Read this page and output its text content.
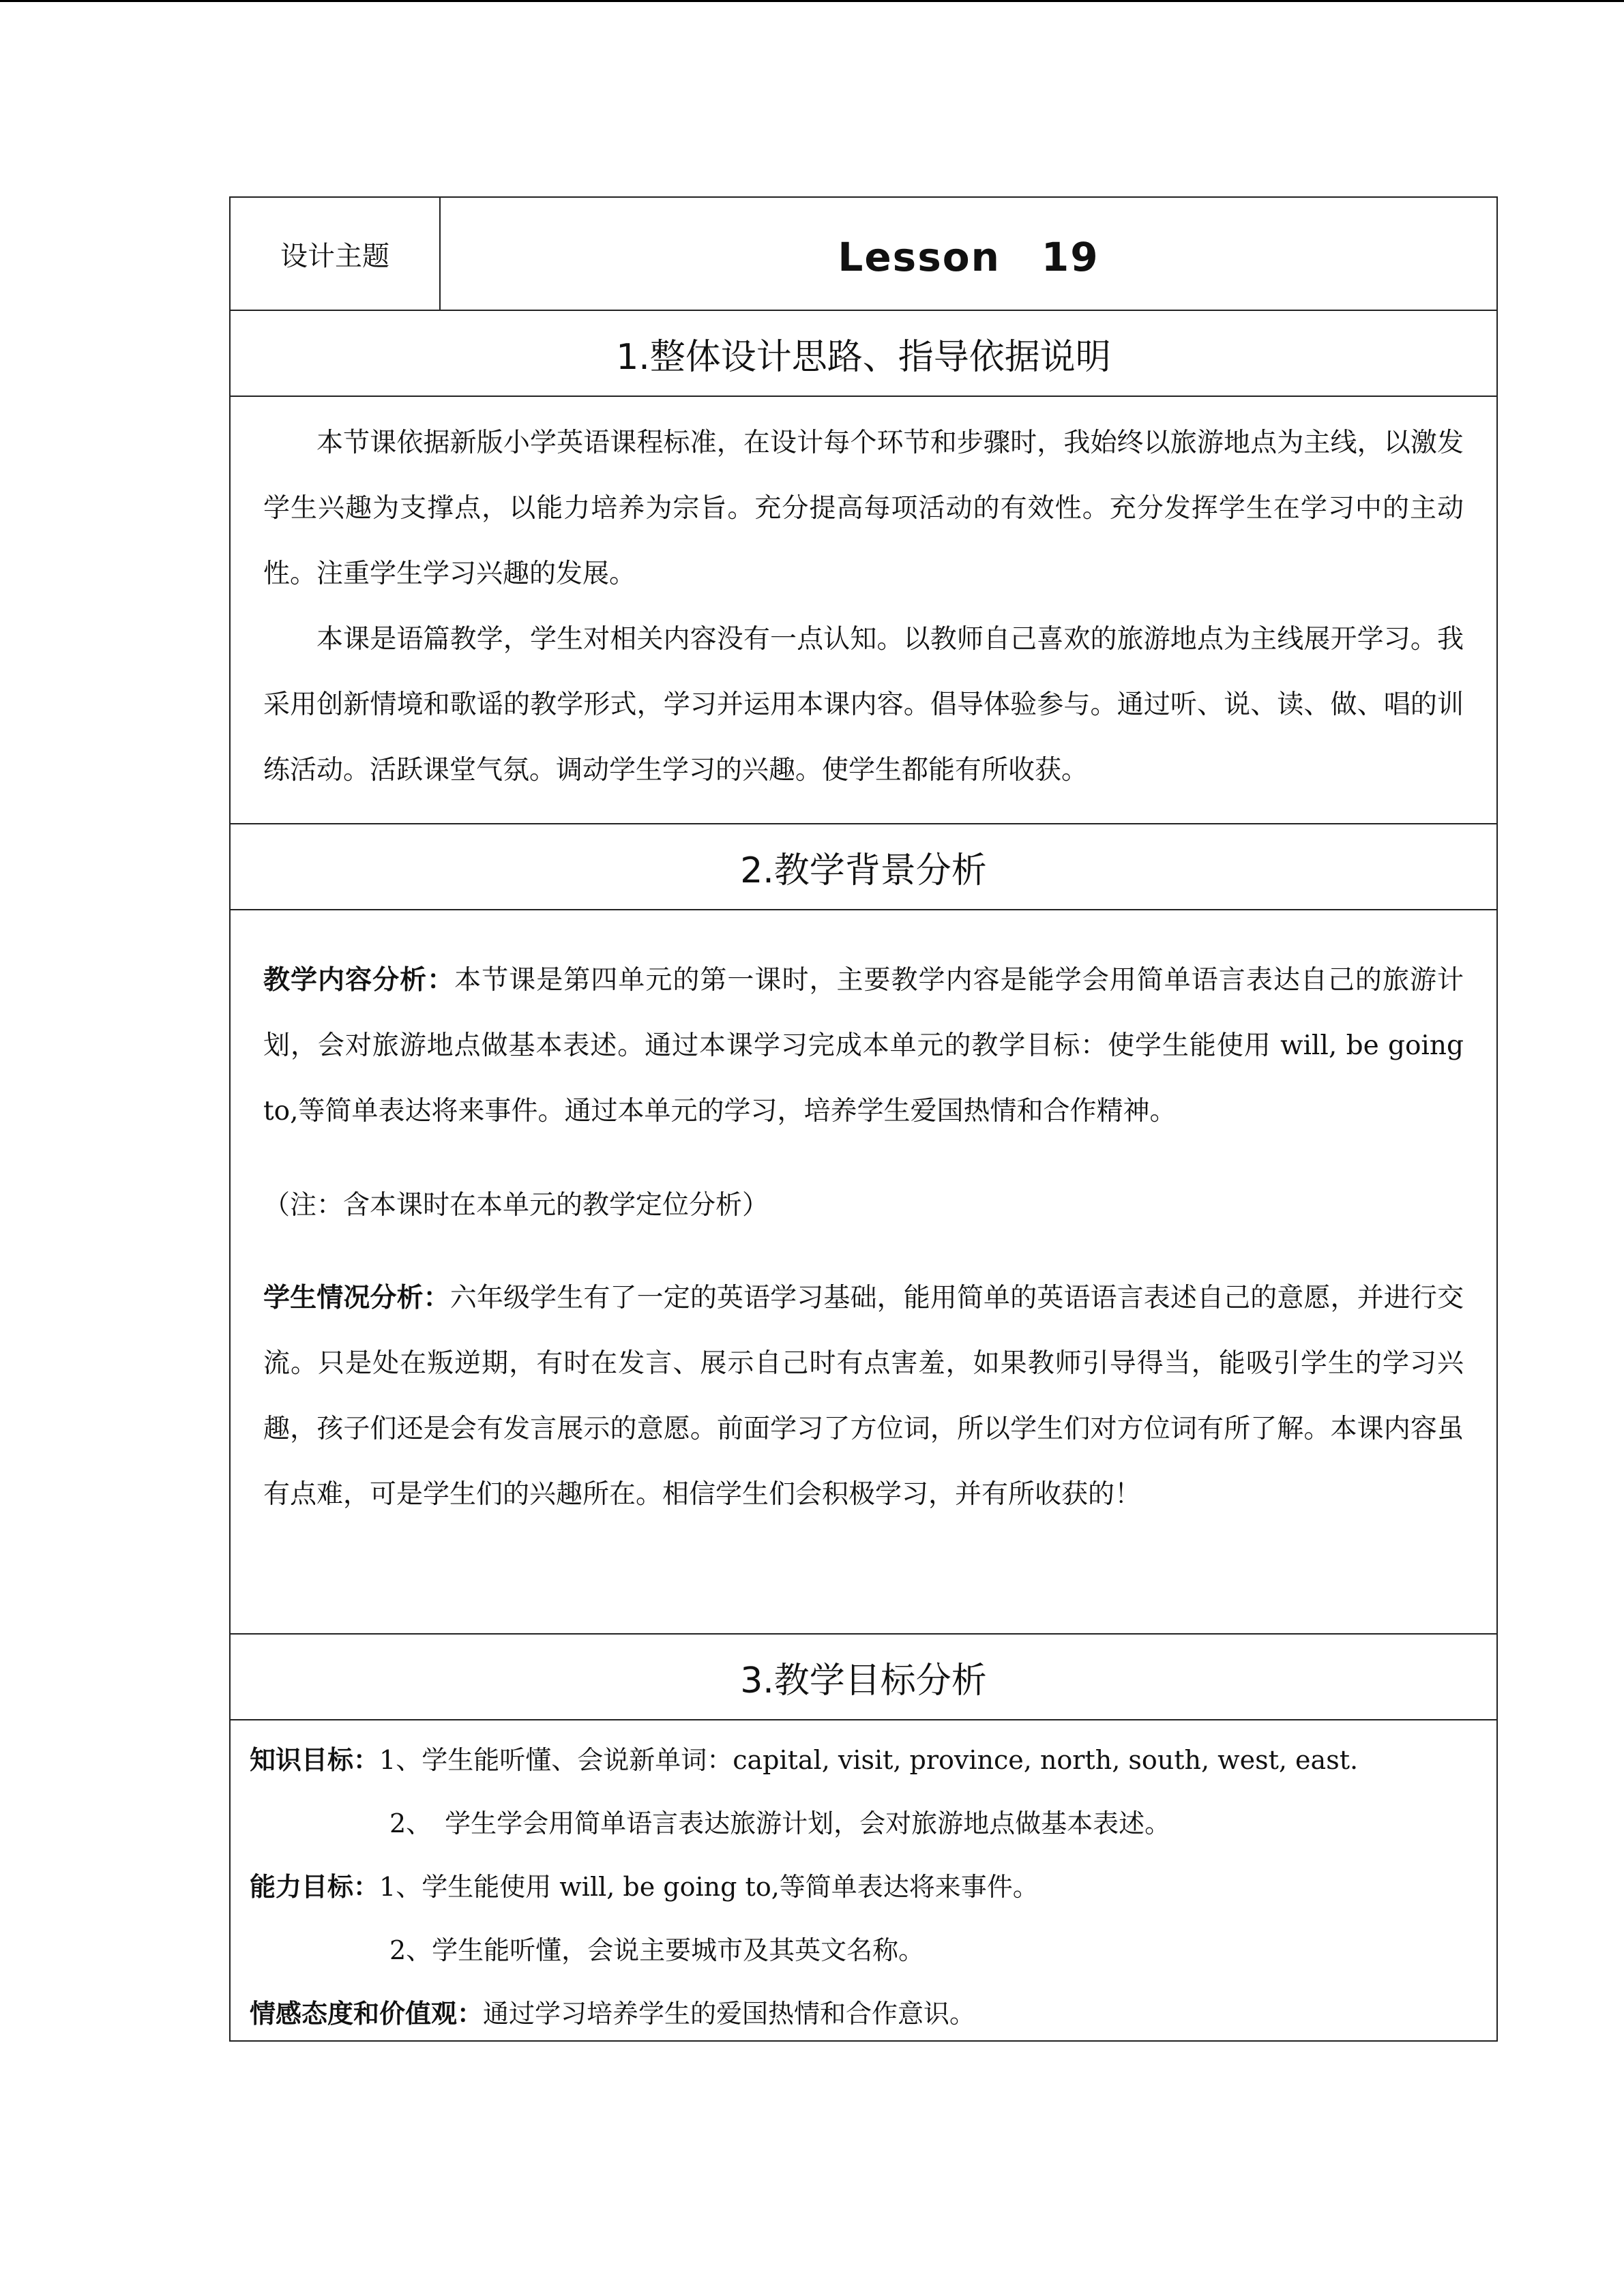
设计主题	Lesson　19
1.整体设计思路、指导依据说明

本节课依据新版小学英语课程标准，在设计每个环节和步骤时，我始终以旅游地点为主线，以激发学生兴趣为支撑点，以能力培养为宗旨。充分提高每项活动的有效性。充分发挥学生在学习中的主动性。注重学生学习兴趣的发展。

本课是语篇教学，学生对相关内容没有一点认知。以教师自己喜欢的旅游地点为主线展开学习。我采用创新情境和歌谣的教学形式，学习并运用本课内容。倡导体验参与。通过听、说、读、做、唱的训练活动。活跃课堂气氛。调动学生学习的兴趣。使学生都能有所收获。

2.教学背景分析

教学内容分析：本节课是第四单元的第一课时，主要教学内容是能学会用简单语言表达自己的旅游计划，会对旅游地点做基本表述。通过本课学习完成本单元的教学目标：使学生能使用 will, be going to,等简单表达将来事件。通过本单元的学习，培养学生爱国热情和合作精神。

（注：含本课时在本单元的教学定位分析）

学生情况分析：六年级学生有了一定的英语学习基础，能用简单的英语语言表述自己的意愿，并进行交流。只是处在叛逆期，有时在发言、展示自己时有点害羞，如果教师引导得当，能吸引学生的学习兴趣，孩子们还是会有发言展示的意愿。前面学习了方位词，所以学生们对方位词有所了解。本课内容虽有点难，可是学生们的兴趣所在。相信学生们会积极学习，并有所收获的！

3.教学目标分析

知识目标：1、学生能听懂、会说新单词：capital, visit, province, north, south, west, east.

2、　学生学会用简单语言表达旅游计划，会对旅游地点做基本表述。

能力目标：1、学生能使用 will, be going to,等简单表达将来事件。

2、学生能听懂，会说主要城市及其英文名称。

情感态度和价值观：通过学习培养学生的爱国热情和合作意识。
